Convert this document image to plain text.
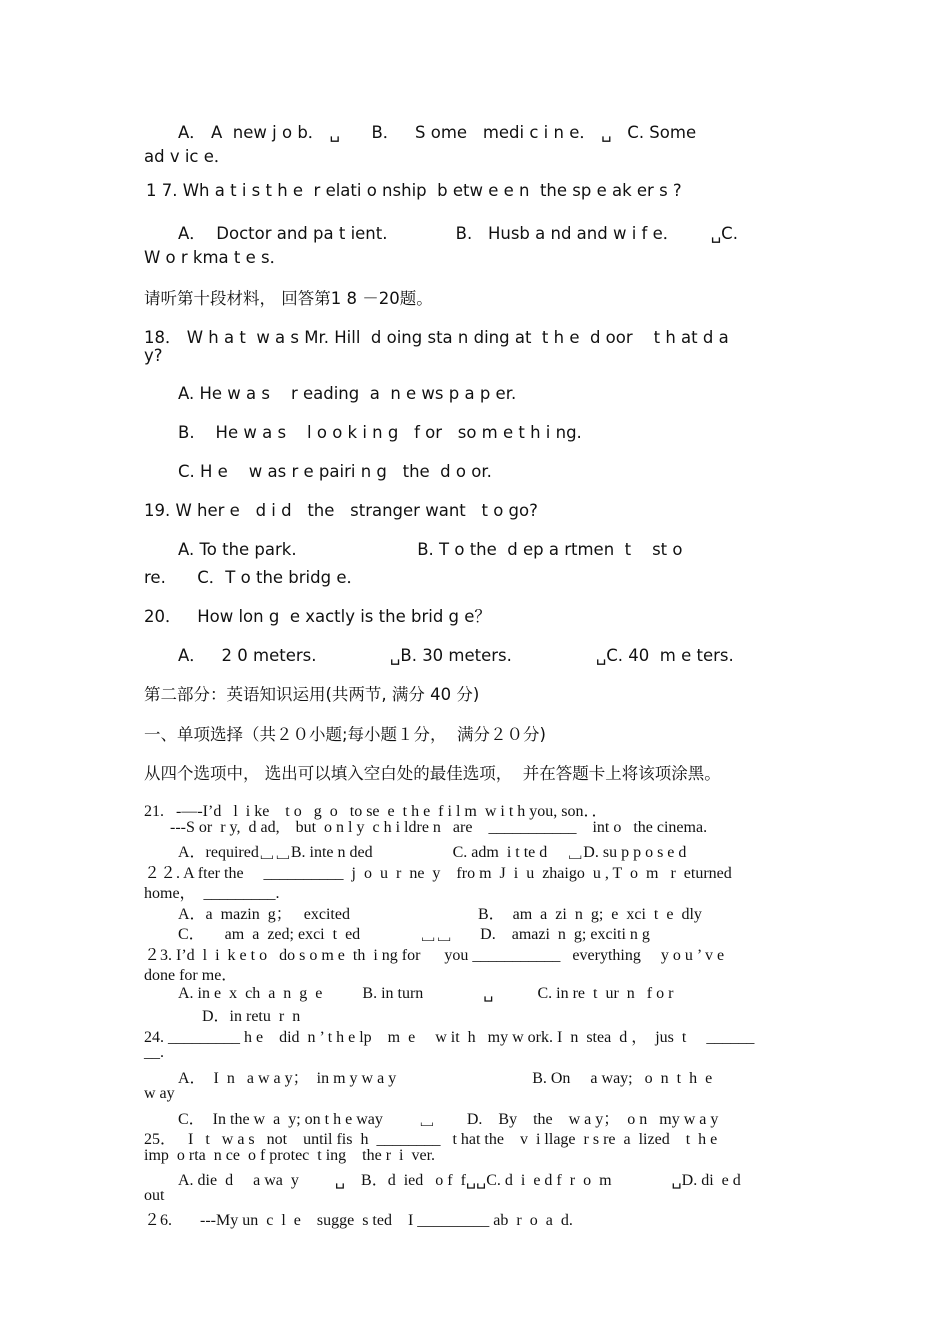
A． A  new j o b． ␣      B．   S ome   medi c i n e． ␣   C. Some
ad v ic e．
1 7. Wh a t i s t h e  r elati o nship  b etw e e n  the sp e ak er s ?
A．  Doctor and pa t ient.             B.   Husb a nd and w i f e．      ␣C.
W o r kma t e s．
请听第十段材料， 回答第1 8 －20题。
18． W h a t  w a s Mr. Hill  d oing sta n ding at  t h e  d oor    t h at d a
y?
A. He w a s    r eading  a  n e ws p a p er.
B.    He w a s    l o o k i n g   f or   so m e t h i ng.
C. H e    w as r e pairi n g   the  d o or.
19. W her e   d i d   the   stranger want   t o go?
A. To the park.                       B. T o the  d ep a rtmen  t    st o
re.      C．T o the bridg e．
20．   How lon g  e xactly is the brid g e？
A．   2 0 meters.              ␣B. 30 meters.                ␣C. 40  m e ters.
第二部分：英语知识运用(共两节, 满分 40 分)
一、单项选择（共２０小题;每小题１分，  满分２０分)
从四个选项中， 选出可以填入空白处的最佳选项，  并在答题卡上将该项涂黑。
21.   -—-I’d   l  i ke    t o   g  o   to se  e  t h e  f i l m  w i t h you, son．．
---S or  r y,  d ad,    but  o n l y  c h i ldre n   are    ___________    int o   the cinema.
A．required␣␣B. inte n ded                    C. adm  i t te d     ␣D. su p p o s e d
２２. A fter the     __________  j  o  u  r  ne  y    fro m  J  i  u  zhaigo  u , T  o  m   r  eturned
home，  _________.
A．a  mazin  g；   excited                                B．  am  a  zi  n  g;  e  xci  t  e  dly
C．     am  a  zed; exci  t  ed               ␣␣       D.    amazi  n  g; exciti n g
２3. I’d  l  i  k e t o   do s o m e  th  i ng for      you ___________   everything     y o u ’ v e
done for me．
A. in e  x  ch  a  n  g  e          B. in turn               ␣           C. in re  t  ur  n   f o r
D．in retu  r  n
24. _________ h e    did  n ’ t h e lp    m  e     w it  h   my w ork. I  n  stea  d ，  jus  t     ______
__.
A．  I  n   a w a y；  in m y w a y                                  B. On     a way;   o  n  t  h  e
w ay
C．  In the w  a  y; on t h e way         ␣        D.    By    the    w a y；  o n   my w a y
25．   I   t   w a s   not    until fis  h  ________   t hat the    v  i llage  r s re  a  lized    t  h e
imp  o rta  n ce  o f protec  t ing    the r  i  ver.
A. die  d     a wa  y         ␣    B．d  ied   o f  f␣␣C. d  i  e d f  r  o  m               ␣D. di  e d
out
２6.       ---My un  c  l  e    sugge  s ted    I _________ ab  r  o  a  d.
